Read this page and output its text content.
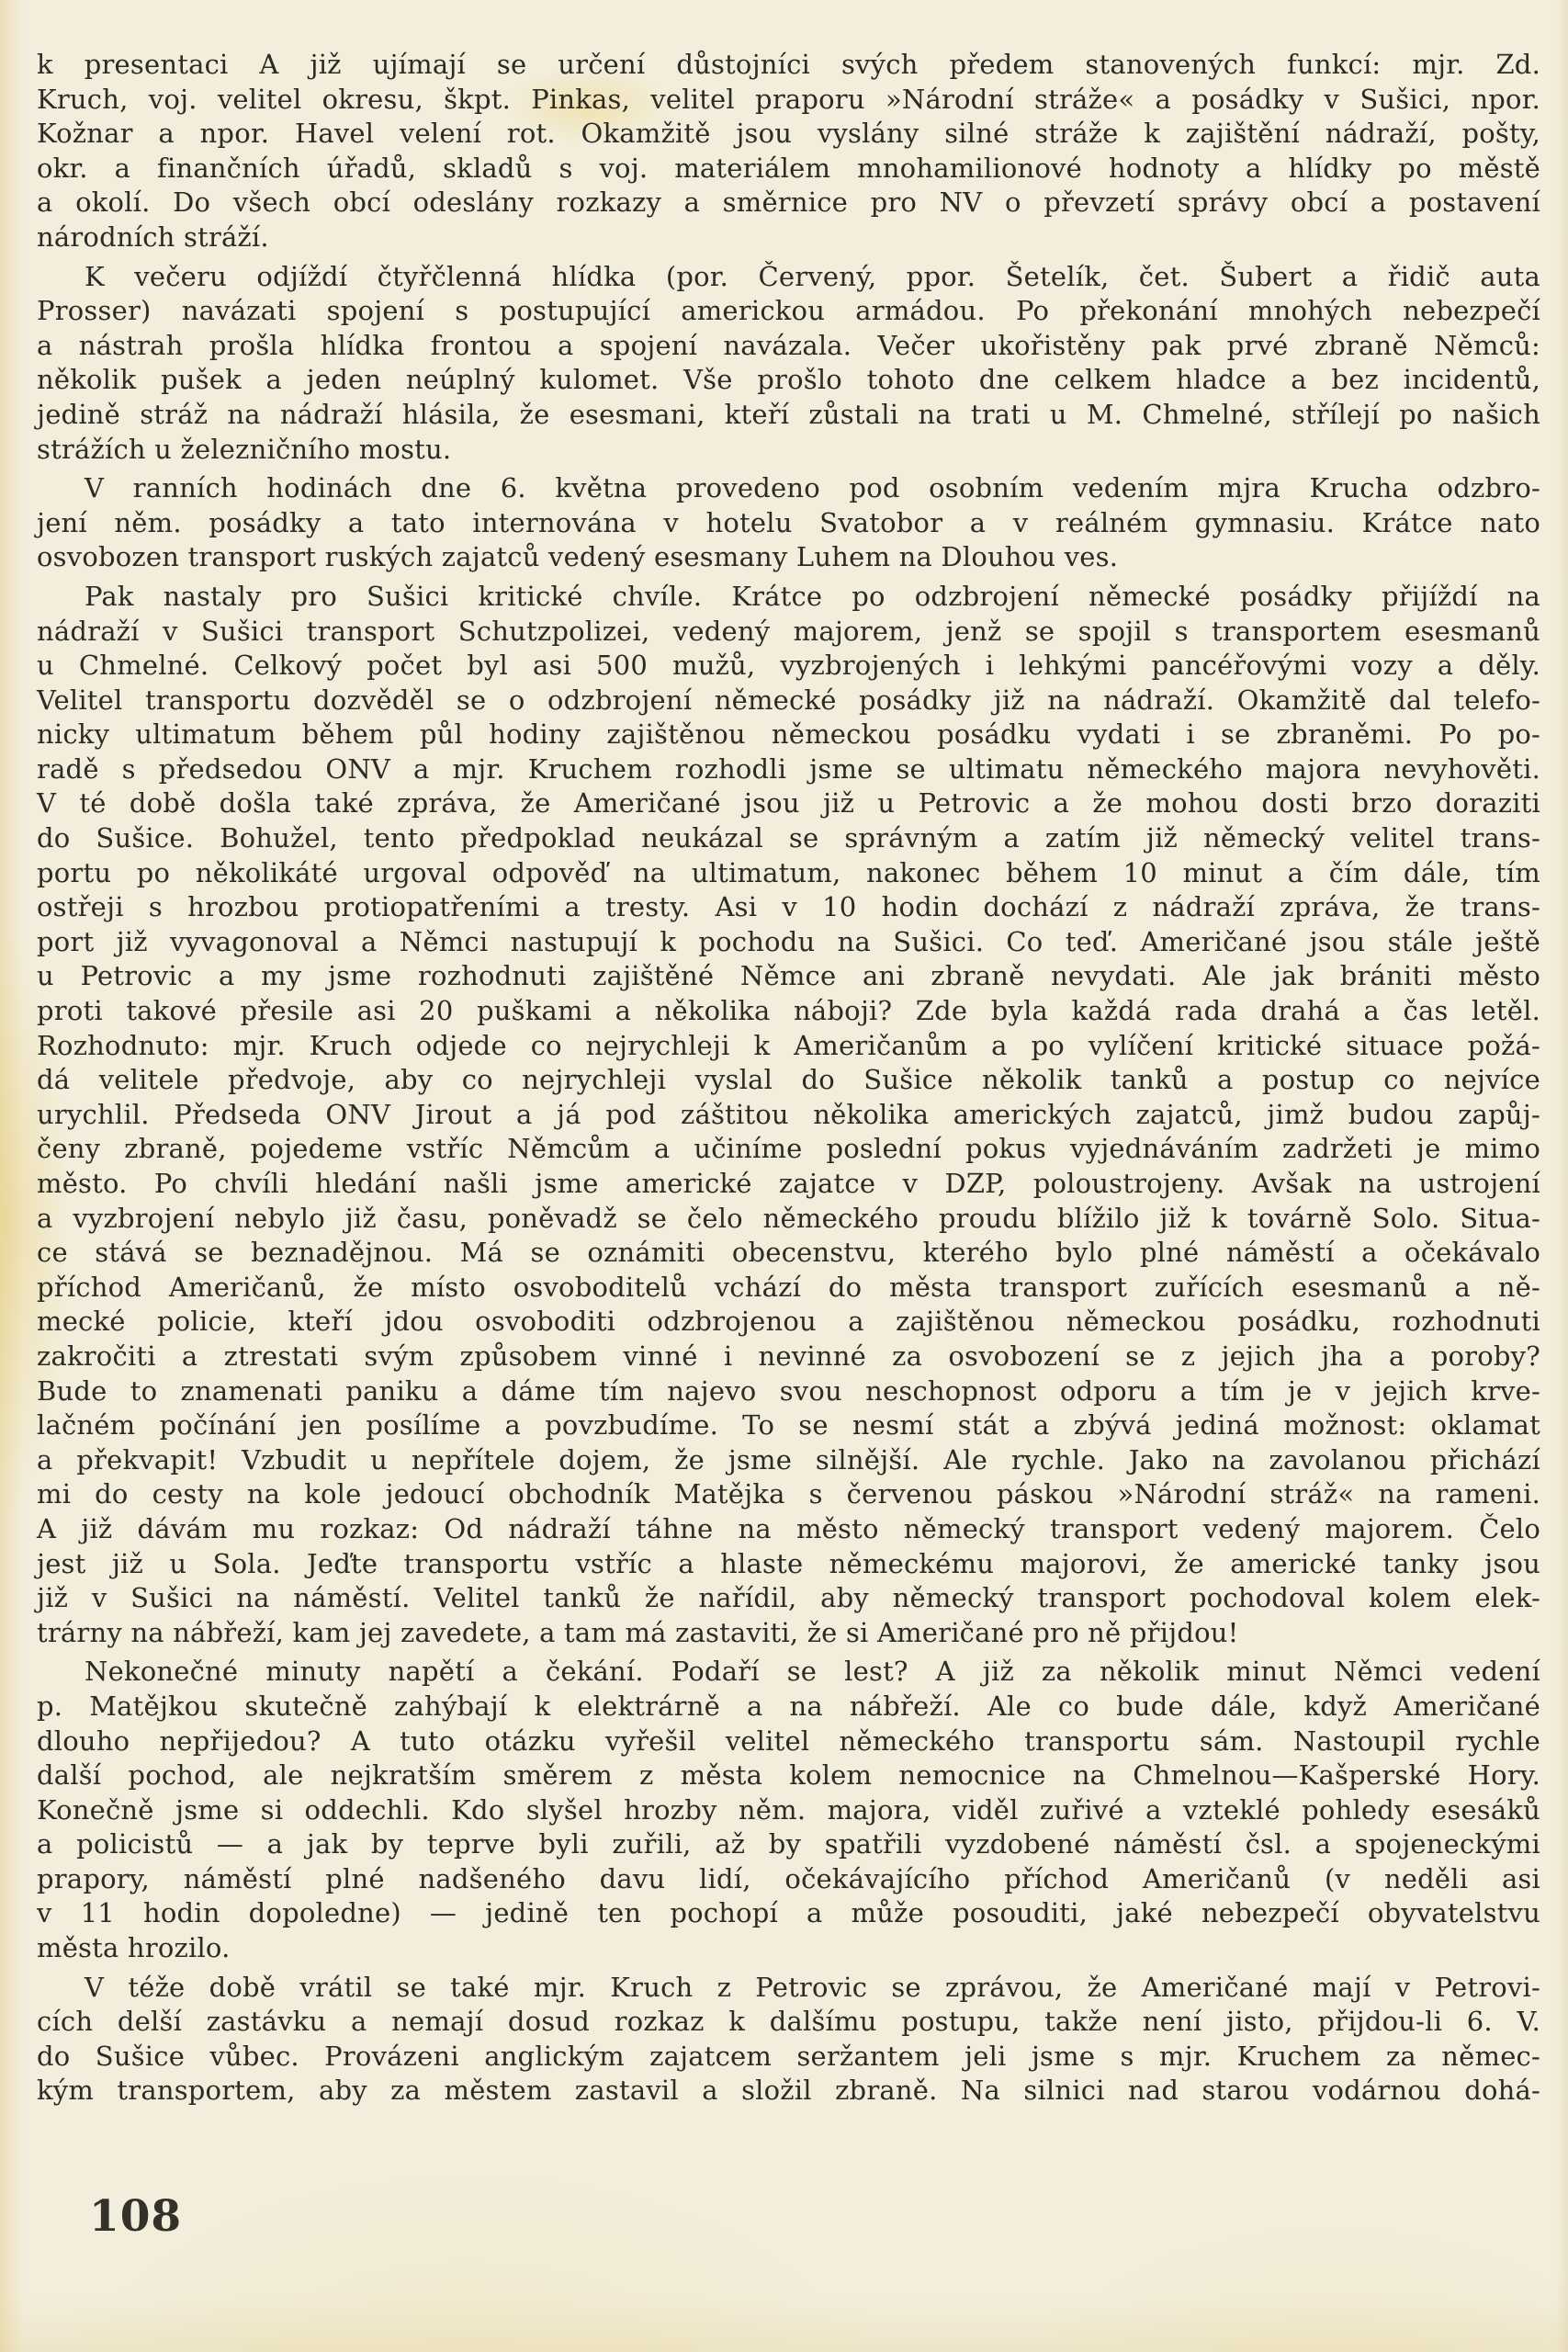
k presentaci A již ujímají se určení důstojníci svých předem stanovených funkcí: mjr. Zd.
Kruch, voj. velitel okresu, škpt. Pinkas, velitel praporu »Národní stráže« a posádky v Sušici, npor.
Kožnar a npor. Havel velení rot. Okamžitě jsou vyslány silné stráže k zajištění nádraží, pošty,
okr. a finančních úřadů, skladů s voj. materiálem mnohamilionové hodnoty a hlídky po městě
a okolí. Do všech obcí odeslány rozkazy a směrnice pro NV o převzetí správy obcí a postavení
národních stráží.
K večeru odjíždí čtyřčlenná hlídka (por. Červený, ppor. Šetelík, čet. Šubert a řidič auta
Prosser) navázati spojení s postupující americkou armádou. Po překonání mnohých nebezpečí
a nástrah prošla hlídka frontou a spojení navázala. Večer ukořistěny pak prvé zbraně Němců:
několik pušek a jeden neúplný kulomet. Vše prošlo tohoto dne celkem hladce a bez incidentů,
jedině stráž na nádraží hlásila, že esesmani, kteří zůstali na trati u M. Chmelné, střílejí po našich
strážích u železničního mostu.
V ranních hodinách dne 6. května provedeno pod osobním vedením mjra Krucha odzbro-
jení něm. posádky a tato internována v hotelu Svatobor a v reálném gymnasiu. Krátce nato
osvobozen transport ruských zajatců vedený esesmany Luhem na Dlouhou ves.
Pak nastaly pro Sušici kritické chvíle. Krátce po odzbrojení německé posádky přijíždí na
nádraží v Sušici transport Schutzpolizei, vedený majorem, jenž se spojil s transportem esesmanů
u Chmelné. Celkový počet byl asi 500 mužů, vyzbrojených i lehkými pancéřovými vozy a děly.
Velitel transportu dozvěděl se o odzbrojení německé posádky již na nádraží. Okamžitě dal telefo-
nicky ultimatum během půl hodiny zajištěnou německou posádku vydati i se zbraněmi. Po po-
radě s předsedou ONV a mjr. Kruchem rozhodli jsme se ultimatu německého majora nevyhověti.
V té době došla také zpráva, že Američané jsou již u Petrovic a že mohou dosti brzo doraziti
do Sušice. Bohužel, tento předpoklad neukázal se správným a zatím již německý velitel trans-
portu po několikáté urgoval odpověď na ultimatum, nakonec během 10 minut a čím dále, tím
ostřeji s hrozbou protiopatřeními a tresty. Asi v 10 hodin dochází z nádraží zpráva, že trans-
port již vyvagonoval a Němci nastupují k pochodu na Sušici. Co teď. Američané jsou stále ještě
u Petrovic a my jsme rozhodnuti zajištěné Němce ani zbraně nevydati. Ale jak brániti město
proti takové přesile asi 20 puškami a několika náboji? Zde byla každá rada drahá a čas letěl.
Rozhodnuto: mjr. Kruch odjede co nejrychleji k Američanům a po vylíčení kritické situace požá-
dá velitele předvoje, aby co nejrychleji vyslal do Sušice několik tanků a postup co nejvíce
urychlil. Předseda ONV Jirout a já pod záštitou několika amerických zajatců, jimž budou zapůj-
čeny zbraně, pojedeme vstříc Němcům a učiníme poslední pokus vyjednáváním zadržeti je mimo
město. Po chvíli hledání našli jsme americké zajatce v DZP, poloustrojeny. Avšak na ustrojení
a vyzbrojení nebylo již času, poněvadž se čelo německého proudu blížilo již k továrně Solo. Situa-
ce stává se beznadějnou. Má se oznámiti obecenstvu, kterého bylo plné náměstí a očekávalo
příchod Američanů, že místo osvoboditelů vchází do města transport zuřících esesmanů a ně-
mecké policie, kteří jdou osvoboditi odzbrojenou a zajištěnou německou posádku, rozhodnuti
zakročiti a ztrestati svým způsobem vinné i nevinné za osvobození se z jejich jha a poroby?
Bude to znamenati paniku a dáme tím najevo svou neschopnost odporu a tím je v jejich krve-
lačném počínání jen posílíme a povzbudíme. To se nesmí stát a zbývá jediná možnost: oklamat
a překvapit! Vzbudit u nepřítele dojem, že jsme silnější. Ale rychle. Jako na zavolanou přichází
mi do cesty na kole jedoucí obchodník Matějka s červenou páskou »Národní stráž« na rameni.
A již dávám mu rozkaz: Od nádraží táhne na město německý transport vedený majorem. Čelo
jest již u Sola. Jeďte transportu vstříc a hlaste německému majorovi, že americké tanky jsou
již v Sušici na náměstí. Velitel tanků že nařídil, aby německý transport pochodoval kolem elek-
trárny na nábřeží, kam jej zavedete, a tam má zastaviti, že si Američané pro ně přijdou!
Nekonečné minuty napětí a čekání. Podaří se lest? A již za několik minut Němci vedení
p. Matějkou skutečně zahýbají k elektrárně a na nábřeží. Ale co bude dále, když Američané
dlouho nepřijedou? A tuto otázku vyřešil velitel německého transportu sám. Nastoupil rychle
další pochod, ale nejkratším směrem z města kolem nemocnice na Chmelnou—Kašperské Hory.
Konečně jsme si oddechli. Kdo slyšel hrozby něm. majora, viděl zuřivé a vzteklé pohledy esesáků
a policistů — a jak by teprve byli zuřili, až by spatřili vyzdobené náměstí čsl. a spojeneckými
prapory, náměstí plné nadšeného davu lidí, očekávajícího příchod Američanů (v neděli asi
v 11 hodin dopoledne) — jedině ten pochopí a může posouditi, jaké nebezpečí obyvatelstvu
města hrozilo.
V téže době vrátil se také mjr. Kruch z Petrovic se zprávou, že Američané mají v Petrovi-
cích delší zastávku a nemají dosud rozkaz k dalšímu postupu, takže není jisto, přijdou-li 6. V.
do Sušice vůbec. Provázeni anglickým zajatcem seržantem jeli jsme s mjr. Kruchem za němec-
kým transportem, aby za městem zastavil a složil zbraně. Na silnici nad starou vodárnou dohá-
108
